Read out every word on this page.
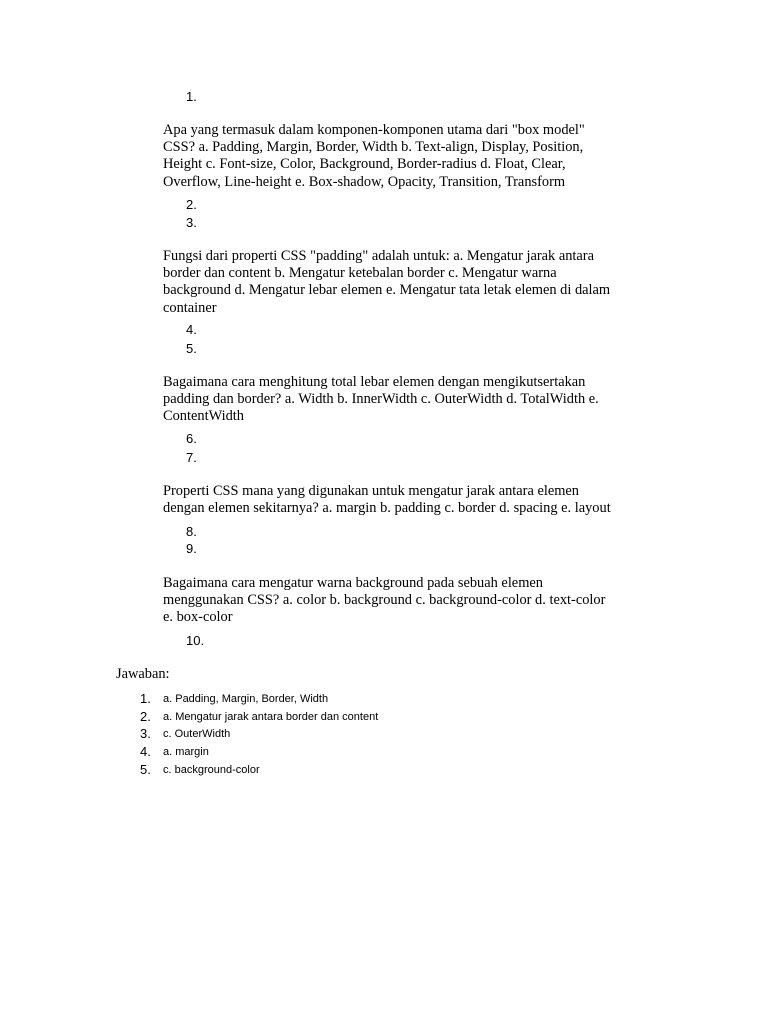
1.
2.
3.
4.
5.
6.
7.
8.
9.
10.
Apa yang termasuk dalam komponen-komponen utama dari "box model"
CSS? a. Padding, Margin, Border, Width b. Text-align, Display, Position,
Height c. Font-size, Color, Background, Border-radius d. Float, Clear,
Overflow, Line-height e. Box-shadow, Opacity, Transition, Transform
Fungsi dari properti CSS "padding" adalah untuk: a. Mengatur jarak antara
border dan content b. Mengatur ketebalan border c. Mengatur warna
background d. Mengatur lebar elemen e. Mengatur tata letak elemen di dalam
container
Bagaimana cara menghitung total lebar elemen dengan mengikutsertakan
padding dan border? a. Width b. InnerWidth c. OuterWidth d. TotalWidth e.
ContentWidth
Properti CSS mana yang digunakan untuk mengatur jarak antara elemen
dengan elemen sekitarnya? a. margin b. padding c. border d. spacing e. layout
Bagaimana cara mengatur warna background pada sebuah elemen
menggunakan CSS? a. color b. background c. background-color d. text-color
e. box-color
Jawaban:
1. a. Padding, Margin, Border, Width
2. a. Mengatur jarak antara border dan content
3. c. OuterWidth
4. a. margin
5. c. background-color
